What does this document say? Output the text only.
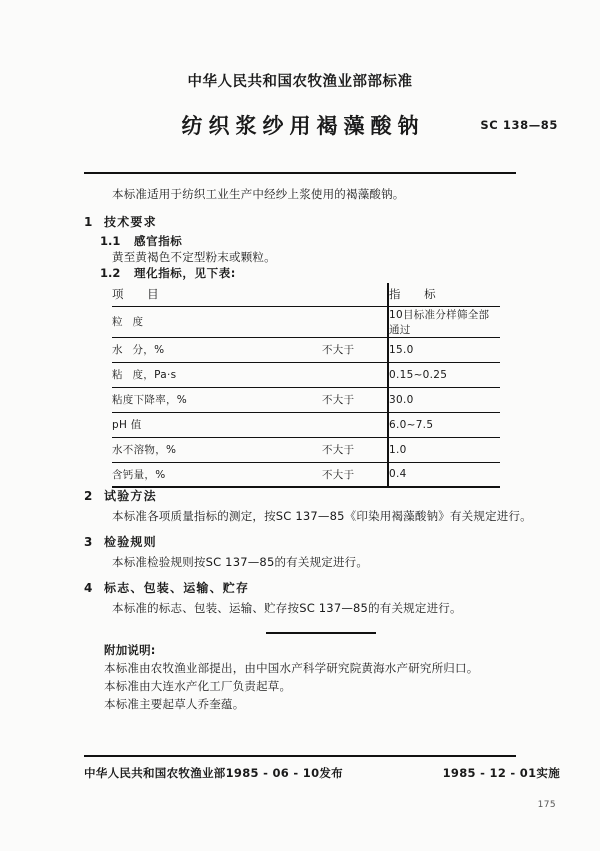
中华人民共和国农牧渔业部部标准
纺织浆纱用褐藻酸钠	SC 138—85
本标准适用于纺织工业生产中经纱上浆使用的褐藻酸钠。
1 技术要求
1.1 感官指标
黄至黄褐色不定型粉末或颗粒。
1.2 理化指标，见下表:
项 目		指 标
粒度		10目标准分样筛全部通过
水分，%	不大于	15.0
粘度，Pa·s		0.15~0.25
粘度下降率，%	不大于	30.0
pH 值		6.0~7.5
水不溶物，%	不大于	1.0
含钙量，%	不大于	0.4
2 试验方法
本标准各项质量指标的测定，按SC 137—85《印染用褐藻酸钠》有关规定进行。
3 检验规则
本标准检验规则按SC 137—85的有关规定进行。
4 标志、包装、运输、贮存
本标准的标志、包装、运输、贮存按SC 137—85的有关规定进行。
附加说明:
本标准由农牧渔业部提出，由中国水产科学研究院黄海水产研究所归口。
本标准由大连水产化工厂负责起草。
本标准主要起草人乔奎蕴。
中华人民共和国农牧渔业部1985 - 06 - 10发布	1985 - 12 - 01实施
175
